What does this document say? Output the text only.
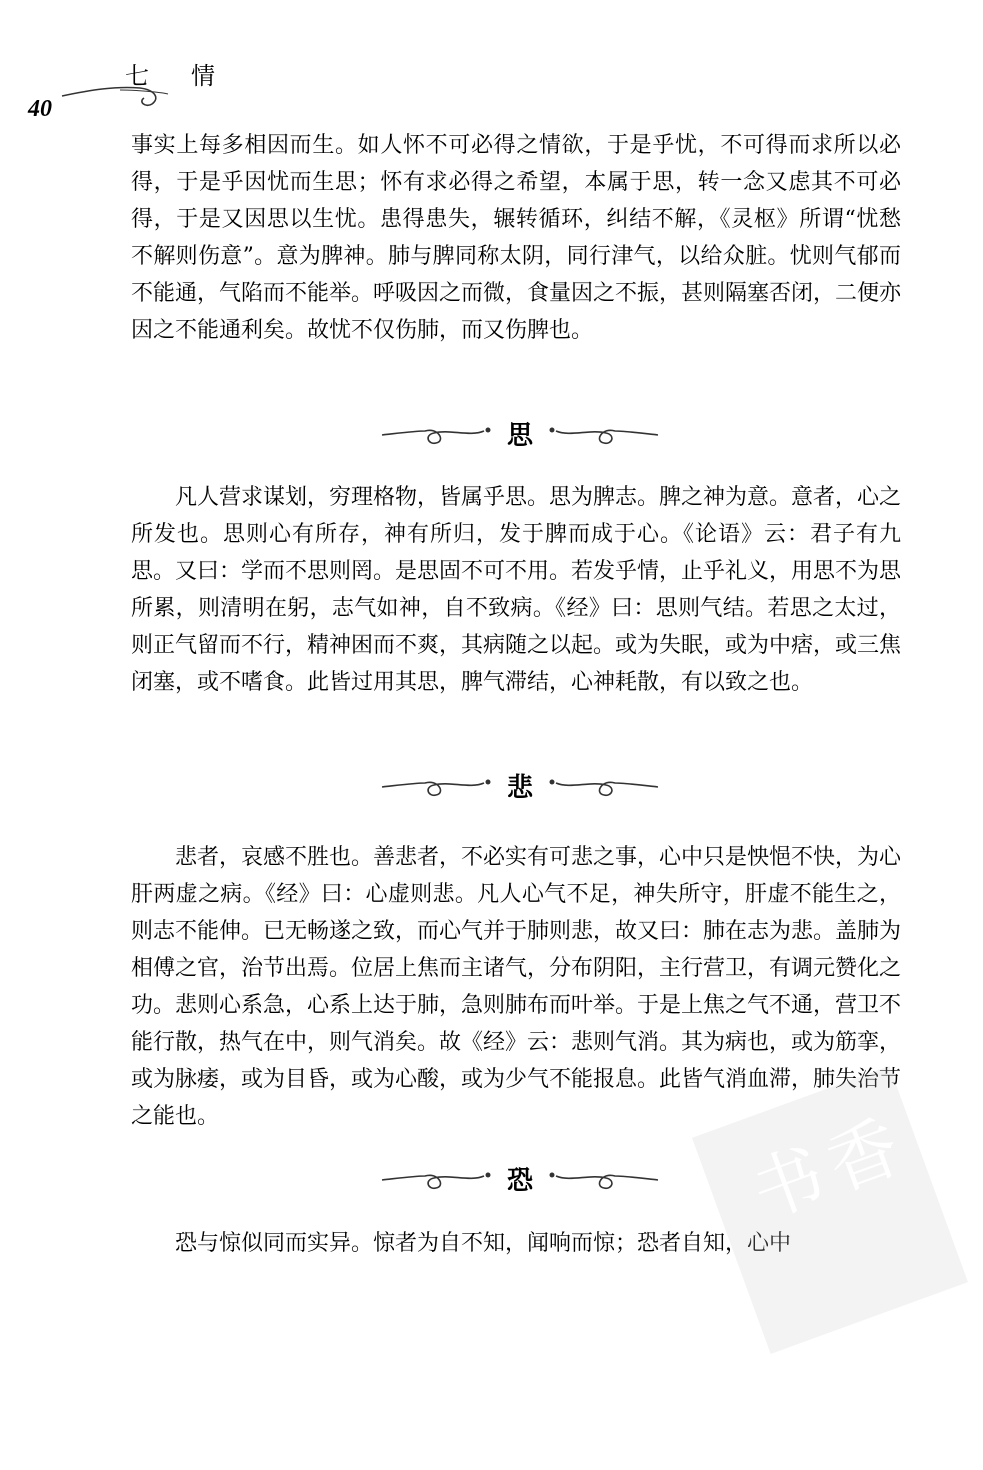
七 情
40

事实上每多相因而生。如人怀不可必得之情欲，于是乎忧，不可得而求所以必得，于是乎因忧而生思；怀有求必得之希望，本属于思，转一念又虑其不可必得，于是又因思以生忧。患得患失，辗转循环，纠结不解，《灵枢》所谓“忧愁不解则伤意”。意为脾神。肺与脾同称太阴，同行津气，以给众脏。忧则气郁而不能通，气陷而不能举。呼吸因之而微，食量因之不振，甚则隔塞否闭，二便亦因之不能通利矣。故忧不仅伤肺，而又伤脾也。

思

凡人营求谋划，穷理格物，皆属乎思。思为脾志。脾之神为意。意者，心之所发也。思则心有所存，神有所归，发于脾而成于心。《论语》云：君子有九思。又曰：学而不思则罔。是思固不可不用。若发乎情，止乎礼义，用思不为思所累，则清明在躬，志气如神，自不致病。《经》曰：思则气结。若思之太过，则正气留而不行，精神困而不爽，其病随之以起。或为失眠，或为中痞，或三焦闭塞，或不嗜食。此皆过用其思，脾气滞结，心神耗散，有以致之也。

悲

悲者，哀感不胜也。善悲者，不必实有可悲之事，心中只是怏悒不快，为心肝两虚之病。《经》曰：心虚则悲。凡人心气不足，神失所守，肝虚不能生之，则志不能伸。已无畅遂之致，而心气并于肺则悲，故又曰：肺在志为悲。盖肺为相傅之官，治节出焉。位居上焦而主诸气，分布阴阳，主行营卫，有调元赞化之功。悲则心系急，心系上达于肺，急则肺布而叶举。于是上焦之气不通，营卫不能行散，热气在中，则气消矣。故《经》云：悲则气消。其为病也，或为筋挛，或为脉痿，或为目昏，或为心酸，或为少气不能报息。此皆气消血滞，肺失治节之能也。

恐

恐与惊似同而实异。惊者为自不知，闻响而惊；恐者自知，心中

书
香
